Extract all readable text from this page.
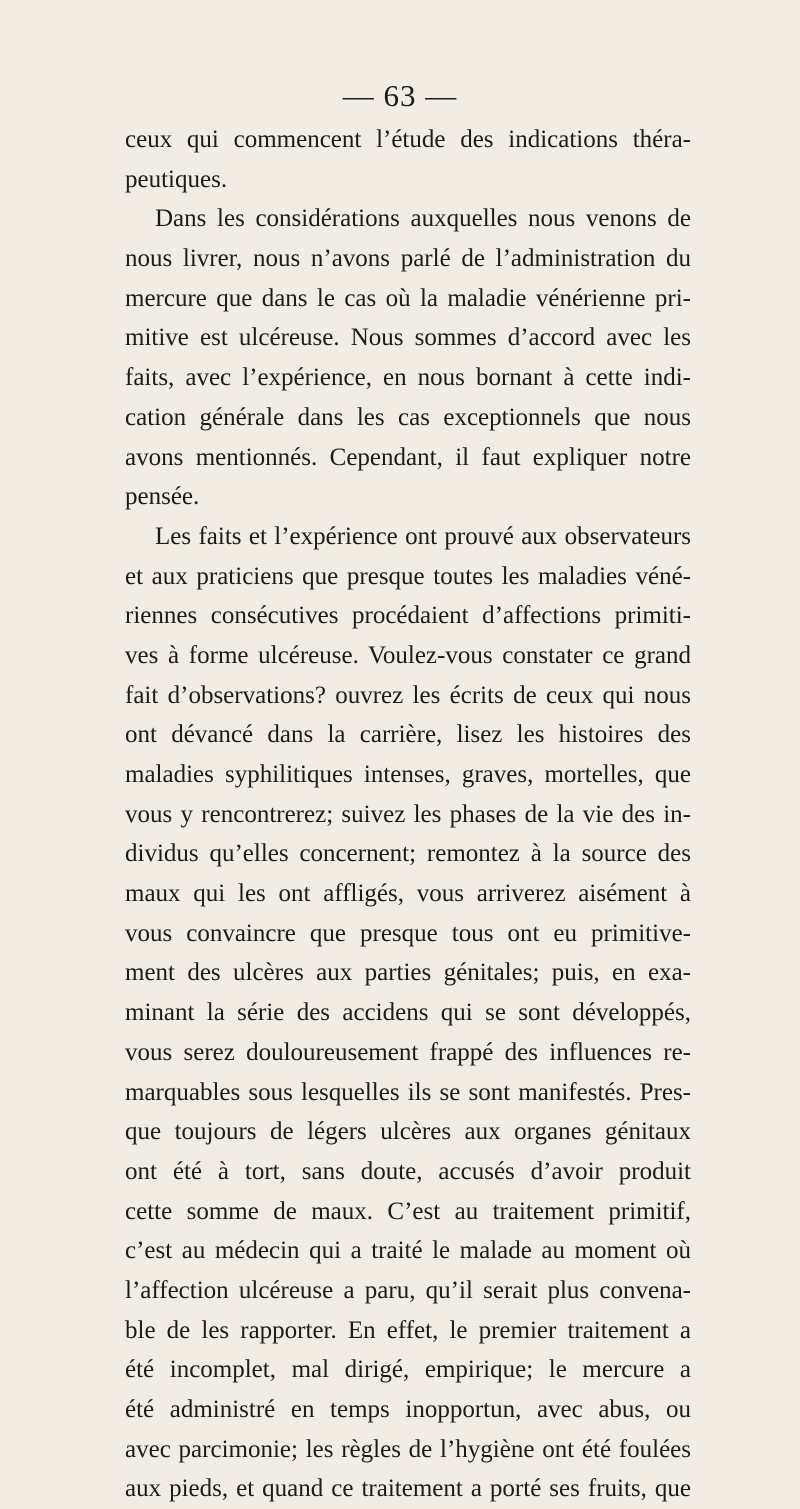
— 63 —
ceux qui commencent l’étude des indications théra-
peutiques.
Dans les considérations auxquelles nous venons de
nous livrer, nous n’avons parlé de l’administration du
mercure que dans le cas où la maladie vénérienne pri-
mitive est ulcéreuse. Nous sommes d’accord avec les
faits, avec l’expérience, en nous bornant à cette indi-
cation générale dans les cas exceptionnels que nous
avons mentionnés. Cependant, il faut expliquer notre
pensée.
Les faits et l’expérience ont prouvé aux observateurs
et aux praticiens que presque toutes les maladies véné-
riennes consécutives procédaient d’affections primiti-
ves à forme ulcéreuse. Voulez-vous constater ce grand
fait d’observations? ouvrez les écrits de ceux qui nous
ont dévancé dans la carrière, lisez les histoires des
maladies syphilitiques intenses, graves, mortelles, que
vous y rencontrerez; suivez les phases de la vie des in-
dividus qu’elles concernent; remontez à la source des
maux qui les ont affligés, vous arriverez aisément à
vous convaincre que presque tous ont eu primitive-
ment des ulcères aux parties génitales; puis, en exa-
minant la série des accidens qui se sont développés,
vous serez douloureusement frappé des influences re-
marquables sous lesquelles ils se sont manifestés. Pres-
que toujours de légers ulcères aux organes génitaux
ont été à tort, sans doute, accusés d’avoir produit
cette somme de maux. C’est au traitement primitif,
c’est au médecin qui a traité le malade au moment où
l’affection ulcéreuse a paru, qu’il serait plus convena-
ble de les rapporter. En effet, le premier traitement a
été incomplet, mal dirigé, empirique; le mercure a
été administré en temps inopportun, avec abus, ou
avec parcimonie; les règles de l’hygiène ont été foulées
aux pieds, et quand ce traitement a porté ses fruits, que
